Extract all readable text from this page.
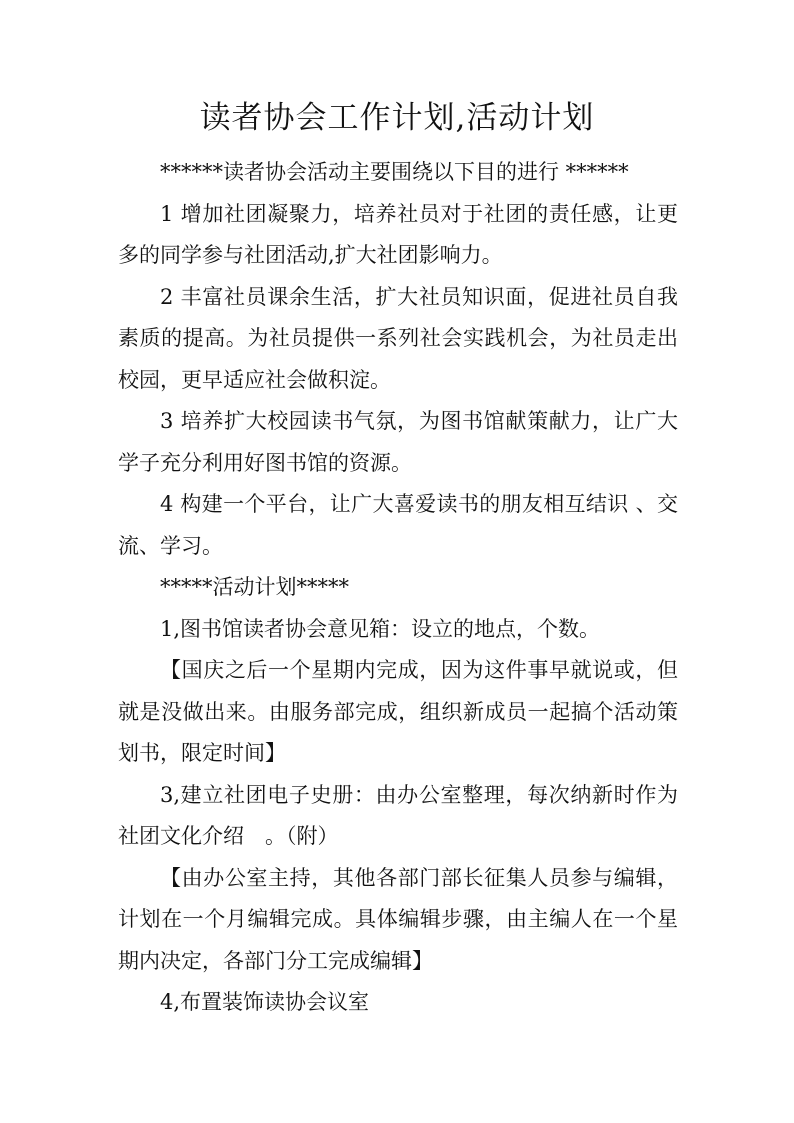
读者协会工作计划,活动计划

******读者协会活动主要围绕以下目的进行 ******

1 增加社团凝聚力，培养社员对于社团的责任感，让更多的同学参与社团活动,扩大社团影响力。

2 丰富社员课余生活，扩大社员知识面，促进社员自我素质的提高。为社员提供一系列社会实践机会，为社员走出校园，更早适应社会做积淀。

3 培养扩大校园读书气氛，为图书馆献策献力，让广大学子充分利用好图书馆的资源。

4 构建一个平台，让广大喜爱读书的朋友相互结识 、交流、学习。

*****活动计划*****

1,图书馆读者协会意见箱：设立的地点，个数。

【国庆之后一个星期内完成，因为这件事早就说或，但就是没做出来。由服务部完成，组织新成员一起搞个活动策划书，限定时间】

3,建立社团电子史册：由办公室整理，每次纳新时作为社团文化介绍　。（附）

【由办公室主持，其他各部门部长征集人员参与编辑，计划在一个月编辑完成。具体编辑步骤，由主编人在一个星期内决定，各部门分工完成编辑】

4,布置装饰读协会议室
